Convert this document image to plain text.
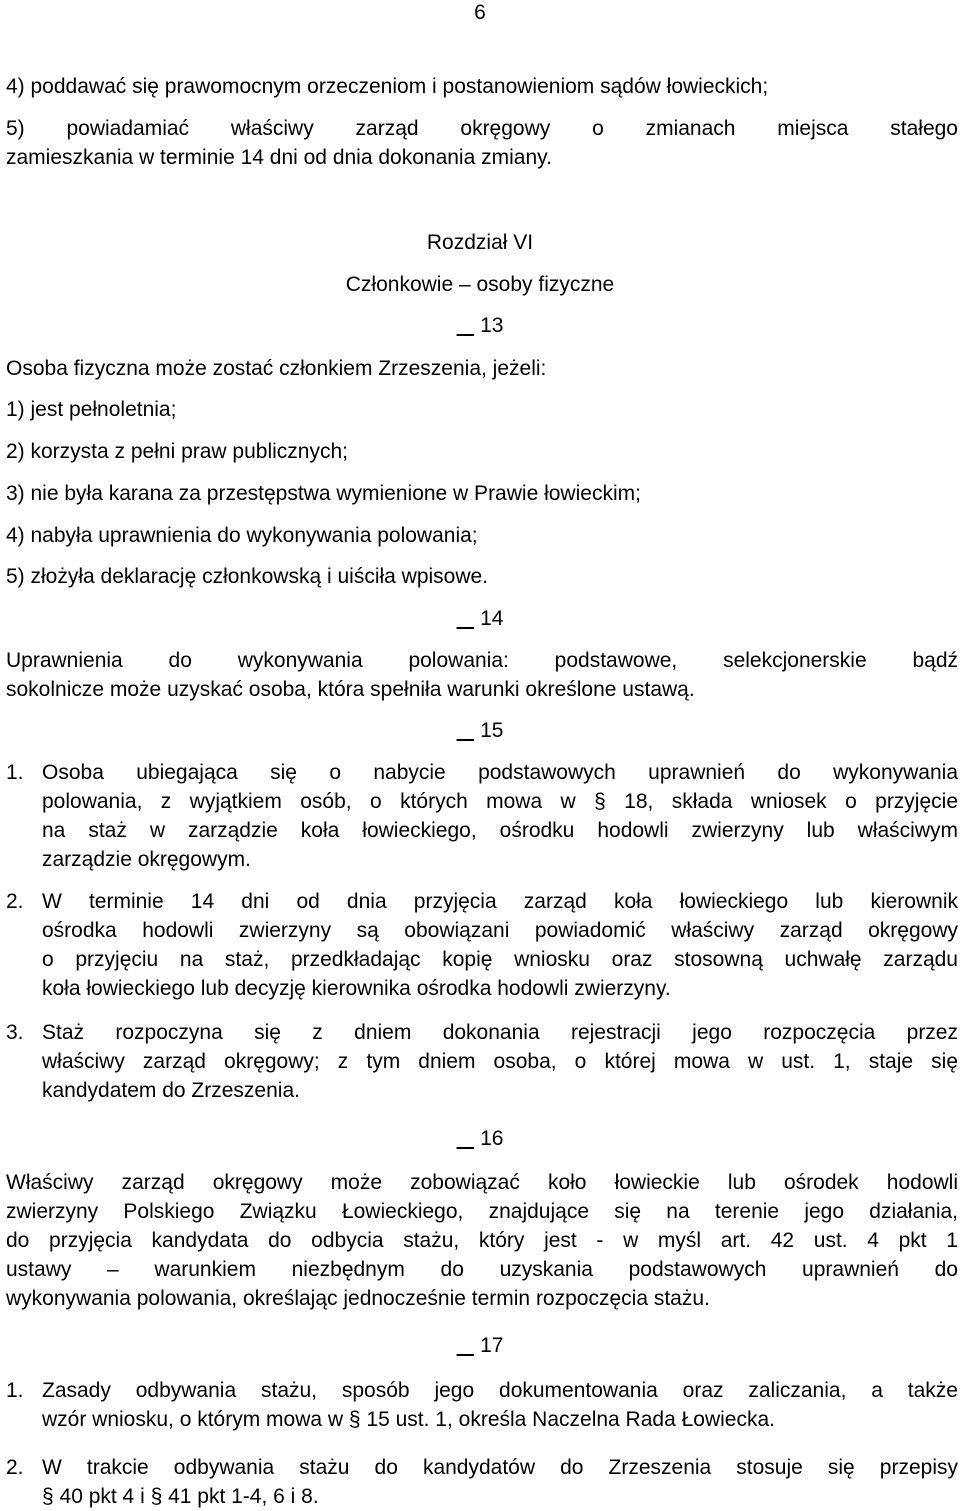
6
4) poddawać się prawomocnym orzeczeniom i postanowieniom sądów łowieckich;
5) powiadamiać właściwy zarząd okręgowy o zmianach miejsca stałego
zamieszkania w terminie 14 dni od dnia dokonania zmiany.
Rozdział VI
Członkowie – osoby fizyczne
13
Osoba fizyczna może zostać członkiem Zrzeszenia, jeżeli:
1) jest pełnoletnia;
2) korzysta z pełni praw publicznych;
3) nie była karana za przestępstwa wymienione w Prawie łowieckim;
4) nabyła uprawnienia do wykonywania polowania;
5) złożyła deklarację członkowską i uiściła wpisowe.
14
Uprawnienia do wykonywania polowania: podstawowe, selekcjonerskie bądź
sokolnicze może uzyskać osoba, która spełniła warunki określone ustawą.
15
1. Osoba ubiegająca się o nabycie podstawowych uprawnień do wykonywania
polowania, z wyjątkiem osób, o których mowa w § 18, składa wniosek o przyjęcie
na staż w zarządzie koła łowieckiego, ośrodku hodowli zwierzyny lub właściwym
zarządzie okręgowym.
2. W terminie 14 dni od dnia przyjęcia zarząd koła łowieckiego lub kierownik
ośrodka hodowli zwierzyny są obowiązani powiadomić właściwy zarząd okręgowy
o przyjęciu na staż, przedkładając kopię wniosku oraz stosowną uchwałę zarządu
koła łowieckiego lub decyzję kierownika ośrodka hodowli zwierzyny.
3. Staż rozpoczyna się z dniem dokonania rejestracji jego rozpoczęcia przez
właściwy zarząd okręgowy; z tym dniem osoba, o której mowa w ust. 1, staje się
kandydatem do Zrzeszenia.
16
Właściwy zarząd okręgowy może zobowiązać koło łowieckie lub ośrodek hodowli
zwierzyny Polskiego Związku Łowieckiego, znajdujące się na terenie jego działania,
do przyjęcia kandydata do odbycia stażu, który jest - w myśl art. 42 ust. 4 pkt 1
ustawy – warunkiem niezbędnym do uzyskania podstawowych uprawnień do
wykonywania polowania, określając jednocześnie termin rozpoczęcia stażu.
17
1. Zasady odbywania stażu, sposób jego dokumentowania oraz zaliczania, a także
wzór wniosku, o którym mowa w § 15 ust. 1, określa Naczelna Rada Łowiecka.
2. W trakcie odbywania stażu do kandydatów do Zrzeszenia stosuje się przepisy
§ 40 pkt 4 i § 41 pkt 1-4, 6 i 8.
